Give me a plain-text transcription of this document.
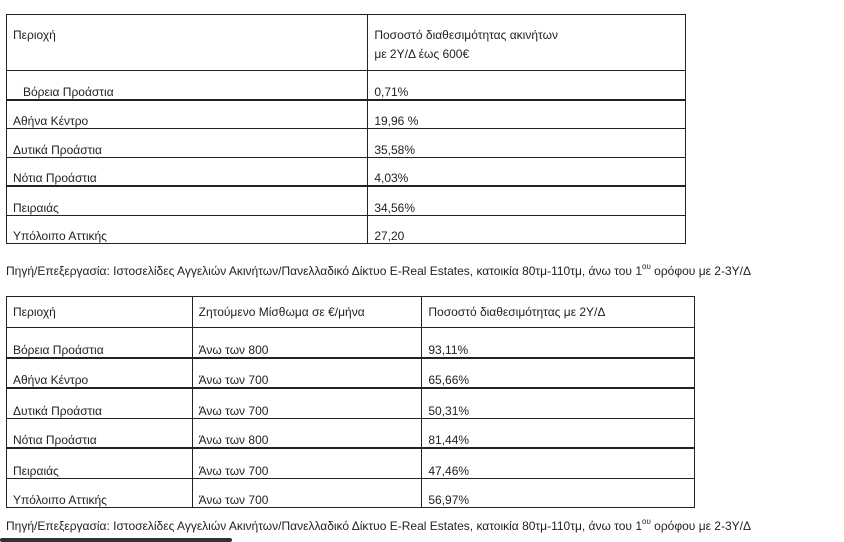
Περιοχή	Ποσοστό διαθεσιμότητας ακινήτων
με 2Υ/Δ έως 600€

Βόρεια Προάστια	0,71%
Αθήνα Κέντρο	19,96 %
Δυτικά Προάστια	35,58%
Νότια Προάστια	4,03%
Πειραιάς	34,56%
Υπόλοιπο Αττικής	27,20
Πηγή/Επεξεργασία: Ιστοσελίδες Αγγελιών Ακινήτων/Πανελλαδικό Δίκτυο E-Real Estates, κατοικία 80τμ-110τμ, άνω του $1^{o\upsilon}$ ορόφου με 2-3Υ/Δ
Περιοχή	Ζητούμενο Μίσθωμα σε €/μήνα	Ποσοστό διαθεσιμότητας με 2Υ/Δ
Βόρεια Προάστια	Άνω των 800	93,11%
Αθήνα Κέντρο	Άνω των 700	65,66%
Δυτικά Προάστια	Άνω των 700	50,31%
Νότια Προάστια	Άνω των 800	81,44%
Πειραιάς	Άνω των 700	47,46%
Υπόλοιπο Αττικής	Άνω των 700	56,97%
Πηγή/Επεξεργασία: Ιστοσελίδες Αγγελιών Ακινήτων/Πανελλαδικό Δίκτυο E-Real Estates, κατοικία 80τμ-110τμ, άνω του $1^{o\upsilon}$ ορόφου με 2-3Υ/Δ
